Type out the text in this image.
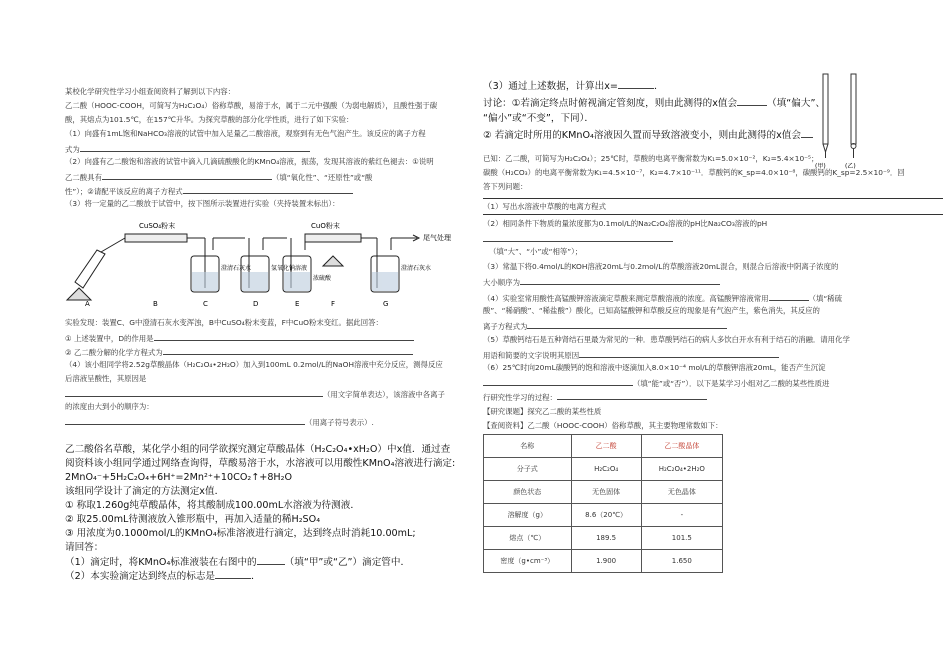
某校化学研究性学习小组查阅资料了解到以下内容：
乙二酸（HOOC-COOH，可简写为H₂C₂O₄）俗称草酸，易溶于水，属于二元中强酸（为弱电解质），且酸性强于碳
酸，其熔点为101.5℃，在157℃升华。为探究草酸的部分化学性质，进行了如下实验：
（1）向盛有1mL饱和NaHCO₃溶液的试管中加入足量乙二酸溶液，观察到有无色气泡产生。该反应的离子方程
式为
（2）向盛有乙二酸饱和溶液的试管中滴入几滴硫酸酸化的KMnO₄溶液，振荡，发现其溶液的紫红色褪去：①说明
乙二酸具有	（填“氧化性”、“还原性”或“酸
性”）；②请配平该反应的离子方程式
（3）将一定量的乙二酸放于试管中，按下图所示装置进行实验（夹持装置未标出）：
CuSO₄粉末	CuO粉末
尾气处理
澄清石灰水	氢氧化钠溶液
浓硫酸
澄清石灰水
A	B	C	D	E	F	G
实验发现：装置C、G中澄清石灰水变浑浊，B中CuSO₄粉末变蓝，F中CuO粉末变红。据此回答：
① 上述装置中，D的作用是
② 乙二酸分解的化学方程式为
（4）该小组同学将2.52g草酸晶体（H₂C₂O₄•2H₂O）加入到100mL 0.2mol/L的NaOH溶液中充分反应，测得反应
后溶液呈酸性，其原因是
（用文字简单表达），该溶液中各离子
的浓度由大到小的顺序为：
（用离子符号表示）.
乙二酸俗名草酸，某化学小组的同学欲探究测定草酸晶体（H₂C₂O₄•xH₂O）中x值．通过查
阅资料该小组同学通过网络查询得，草酸易溶于水，水溶液可以用酸性KMnO₄溶液进行滴定:
2MnO₄⁻+5H₂C₂O₄+6H⁺=2Mn²⁺+10CO₂↑+8H₂O
该组同学设计了滴定的方法测定x值．
① 称取1.260g纯草酸晶体，将其酸制成100.00mL水溶液为待测液．
② 取25.00mL待测液放入锥形瓶中，再加入适量的稀H₂SO₄
③ 用浓度为0.1000mol/L的KMnO₄标准溶液进行滴定，达到终点时消耗10.00mL;
请回答：
（1）滴定时，将KMnO₄标准液装在右图中的	（填“甲”或“乙”）滴定管中．
（2）本实验滴定达到终点的标志是	．
（3）通过上述数据，计算出x=	．
讨论：①若滴定终点时俯视滴定管刻度，则由此测得的x值会	（填“偏大”、
“偏小”或“不变”，下同）．
② 若滴定时所用的KMnO₄溶液因久置而导致溶液变小，则由此测得的x值会
(甲)	(乙)
已知：乙二酸，可简写为H₂C₂O₄）；25℃时，草酸的电离平衡常数为K₁=5.0×10⁻²，K₂=5.4×10⁻⁵；
碳酸（H₂CO₃）的电离平衡常数为K₁=4.5×10⁻⁷，K₂=4.7×10⁻¹¹．草酸钙的K_sp=4.0×10⁻⁸，碳酸钙的K_sp=2.5×10⁻⁹．回
答下列问题：
（1）写出水溶液中草酸的电离方程式
（2）相同条件下物质的量浓度都为0.1mol/L的Na₂C₂O₄溶液的pH比Na₂CO₃溶液的pH
（填“大”、“小”或“相等”）；
（3）常温下将0.4mol/L的KOH溶液20mL与0.2mol/L的草酸溶液20mL混合，则混合后溶液中阴离子浓度的
大小顺序为
（4）实验室常用酸性高锰酸钾溶液滴定草酸来测定草酸溶液的浓度。高锰酸钾溶液常用	（填“稀硫
酸”、“稀硝酸”、“稀盐酸”）酸化，已知高锰酸钾和草酸反应的现象是有气泡产生，紫色消失，其反应的
离子方程式为
（5）草酸钙结石是五种肾结石里最为常见的一种．患草酸钙结石的病人多饮白开水有利于结石的消融．请用化学
用语和简要的文字说明其原因
（6）25℃时向20mL碳酸钙的饱和溶液中逐滴加入8.0×10⁻⁴ mol/L的草酸钾溶液20mL，能否产生沉淀
（填“能”或“否”）．以下是某学习小组对乙二酸的某些性质进
行研究性学习的过程：
【研究课题】探究乙二酸的某些性质
【查阅资料】乙二酸（HOOC-COOH）俗称草酸，其主要物理常数如下：
名称	乙二酸	乙二酸晶体
分子式	H₂C₂O₄	H₂C₂O₄•2H₂O
颜色状态	无色固体	无色晶体
溶解度（g）	8.6（20℃）	-
熔点（℃）	189.5	101.5
密度（g•cm⁻³）	1.900	1.650
